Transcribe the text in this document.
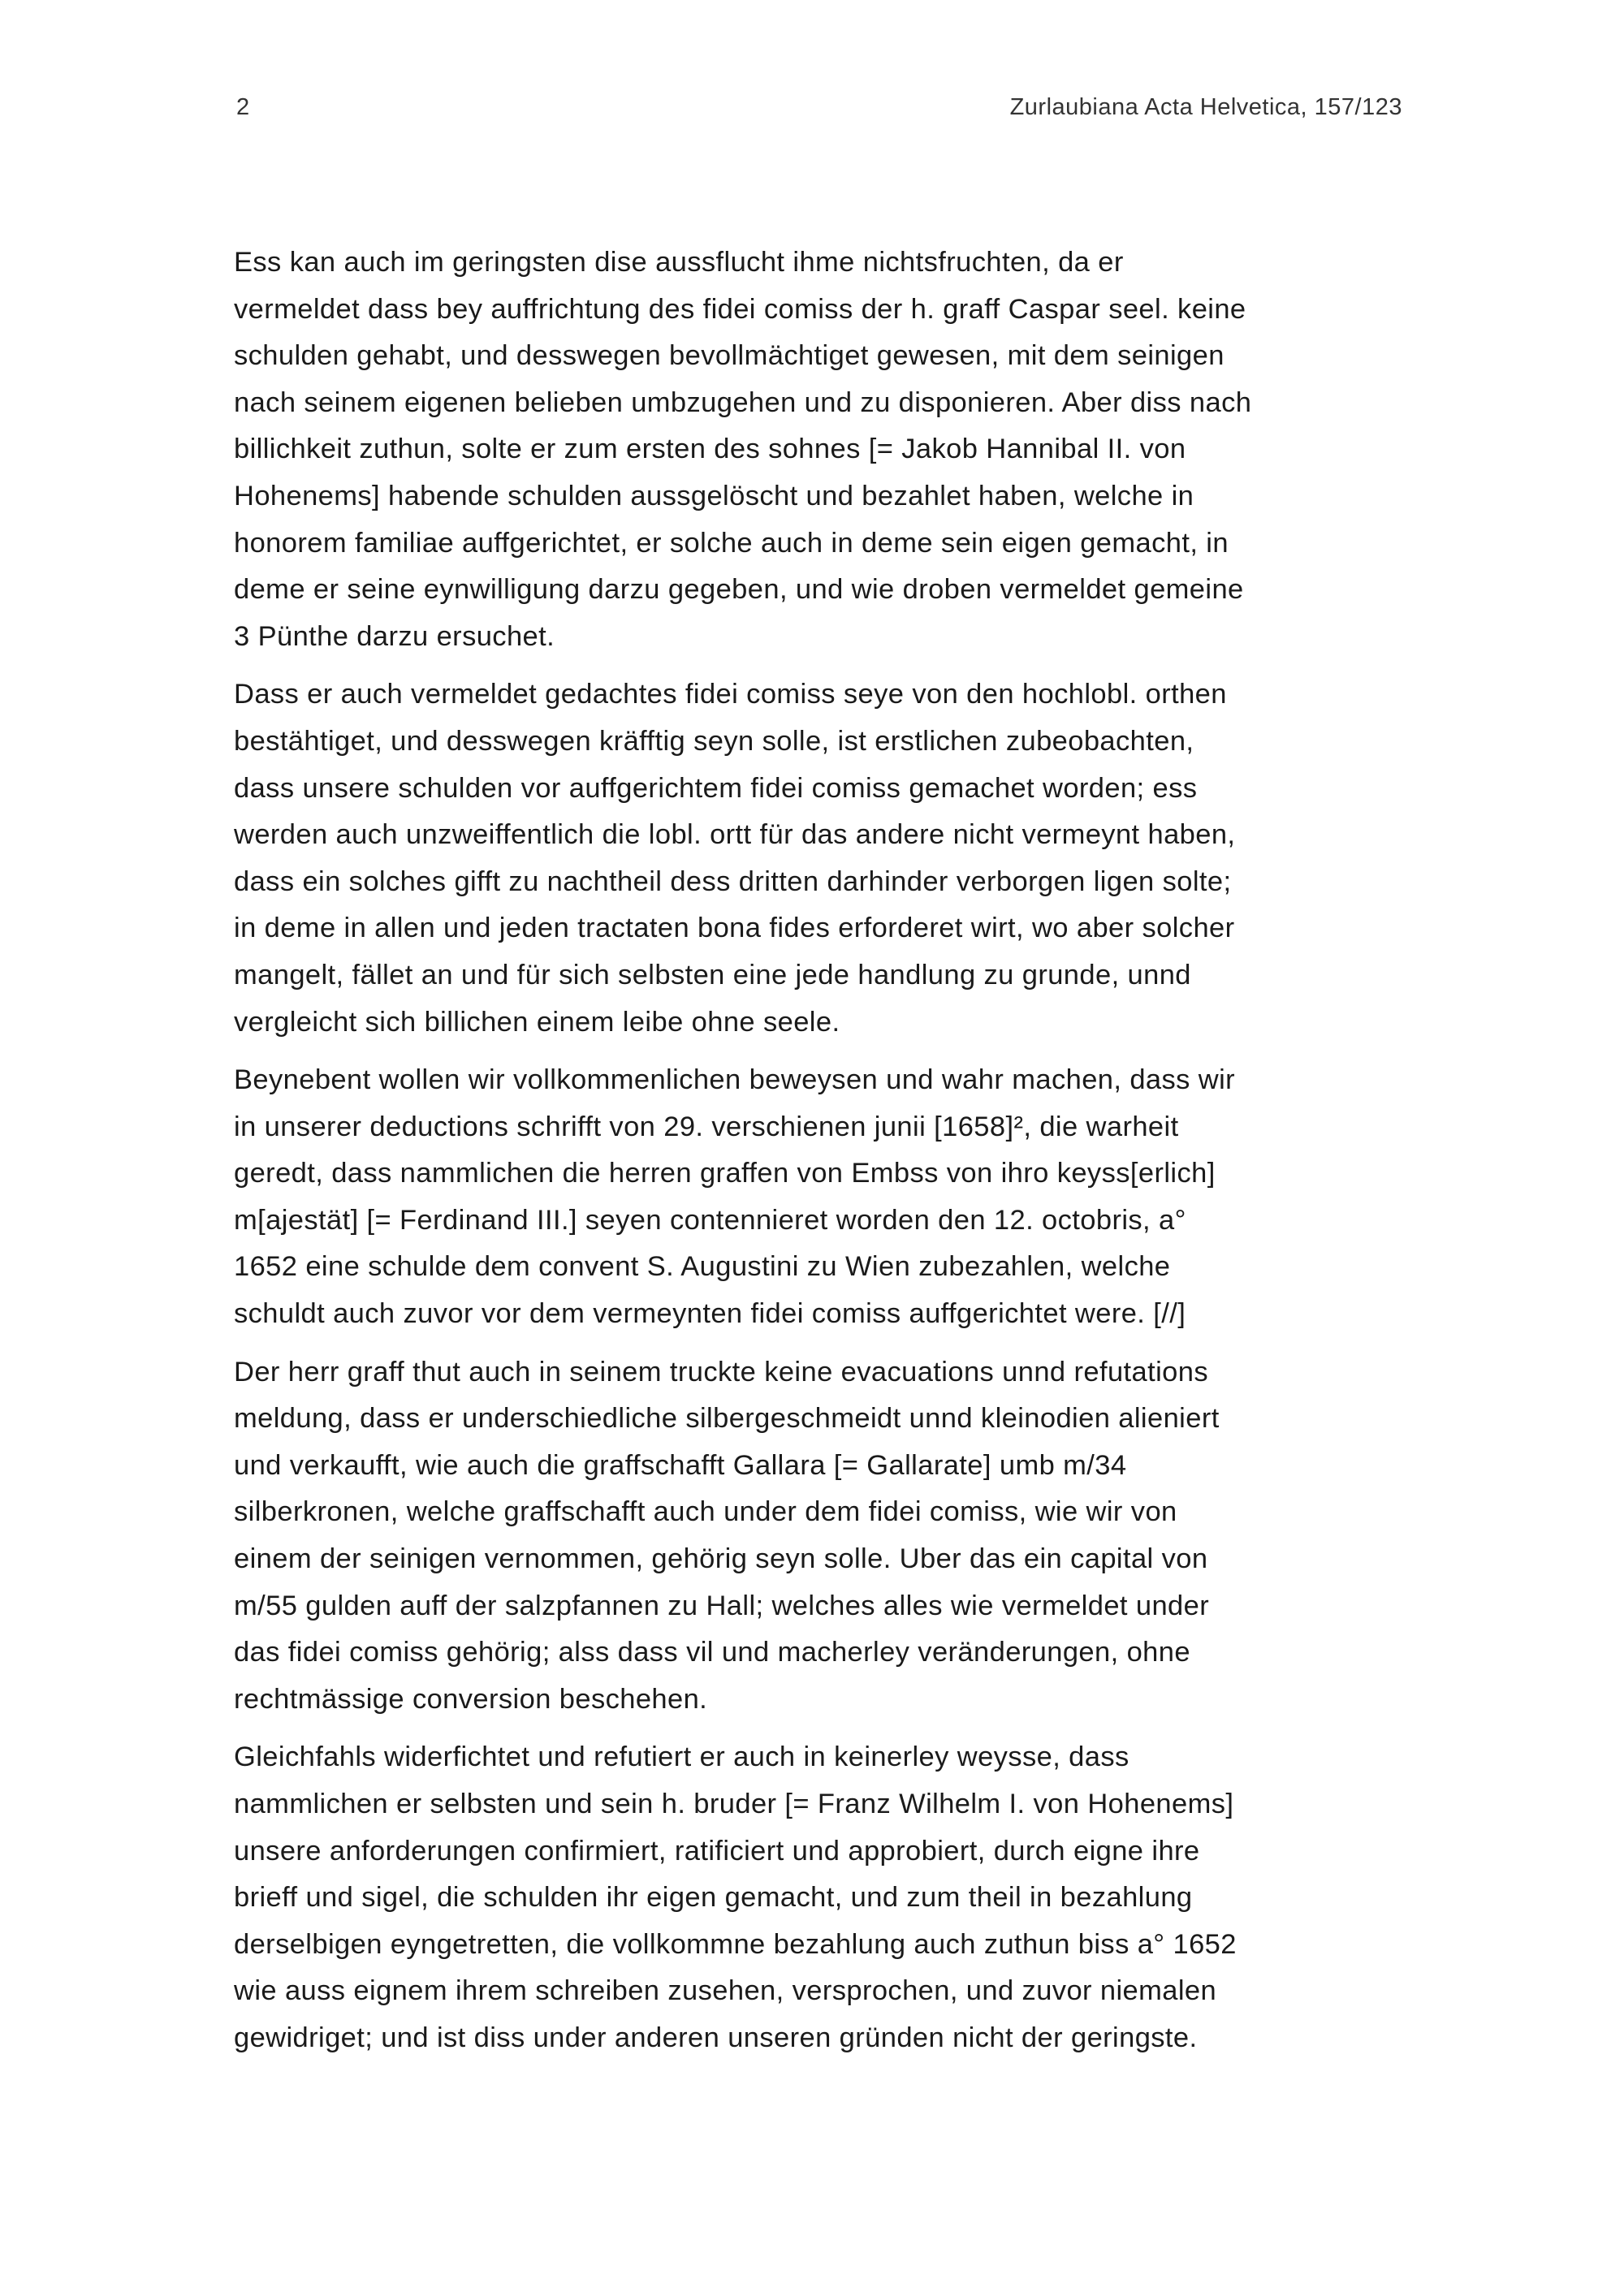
2	Zurlaubiana Acta Helvetica, 157/123
Ess kan auch im geringsten dise aussflucht ihme nichtsfruchten, da er
vermeldet dass bey auffrichtung des fidei comiss der h. graff Caspar seel. keine
schulden gehabt, und desswegen bevollmächtiget gewesen, mit dem seinigen
nach seinem eigenen belieben umbzugehen und zu disponieren. Aber diss nach
billichkeit zuthun, solte er zum ersten des sohnes [= Jakob Hannibal II. von
Hohenems] habende schulden aussgelöscht und bezahlet haben, welche in
honorem familiae auffgerichtet, er solche auch in deme sein eigen gemacht, in
deme er seine eynwilligung darzu gegeben, und wie droben vermeldet gemeine
3 Pünthe darzu ersuchet.
Dass er auch vermeldet gedachtes fidei comiss seye von den hochlobl. orthen
bestähtiget, und desswegen kräfftig seyn solle, ist erstlichen zubeobachten,
dass unsere schulden vor auffgerichtem fidei comiss gemachet worden; ess
werden auch unzweiffentlich die lobl. ortt für das andere nicht vermeynt haben,
dass ein solches gifft zu nachtheil dess dritten darhinder verborgen ligen solte;
in deme in allen und jeden tractaten bona fides erforderet wirt, wo aber solcher
mangelt, fället an und für sich selbsten eine jede handlung zu grunde, unnd
vergleicht sich billichen einem leibe ohne seele.
Beynebent wollen wir vollkommenlichen beweysen und wahr machen, dass wir
in unserer deductions schrifft von 29. verschienen junii [1658]², die warheit
geredt, dass nammlichen die herren graffen von Embss von ihro keyss[erlich]
m[ajestät] [= Ferdinand III.] seyen contennieret worden den 12. octobris, a°
1652 eine schulde dem convent S. Augustini zu Wien zubezahlen, welche
schuldt auch zuvor vor dem vermeynten fidei comiss auffgerichtet were. [//]
Der herr graff thut auch in seinem truckte keine evacuations unnd refutations
meldung, dass er underschiedliche silbergeschmeidt unnd kleinodien alieniert
und verkaufft, wie auch die graffschafft Gallara [= Gallarate] umb m/34
silberkronen, welche graffschafft auch under dem fidei comiss, wie wir von
einem der seinigen vernommen, gehörig seyn solle. Uber das ein capital von
m/55 gulden auff der salzpfannen zu Hall; welches alles wie vermeldet under
das fidei comiss gehörig; alss dass vil und macherley veränderungen, ohne
rechtmässige conversion beschehen.
Gleichfahls widerfichtet und refutiert er auch in keinerley weysse, dass
nammlichen er selbsten und sein h. bruder [= Franz Wilhelm I. von Hohenems]
unsere anforderungen confirmiert, ratificiert und approbiert, durch eigne ihre
brieff und sigel, die schulden ihr eigen gemacht, und zum theil in bezahlung
derselbigen eyngetretten, die vollkommne bezahlung auch zuthun biss a° 1652
wie auss eignem ihrem schreiben zusehen, versprochen, und zuvor niemalen
gewidriget; und ist diss under anderen unseren gründen nicht der geringste.
